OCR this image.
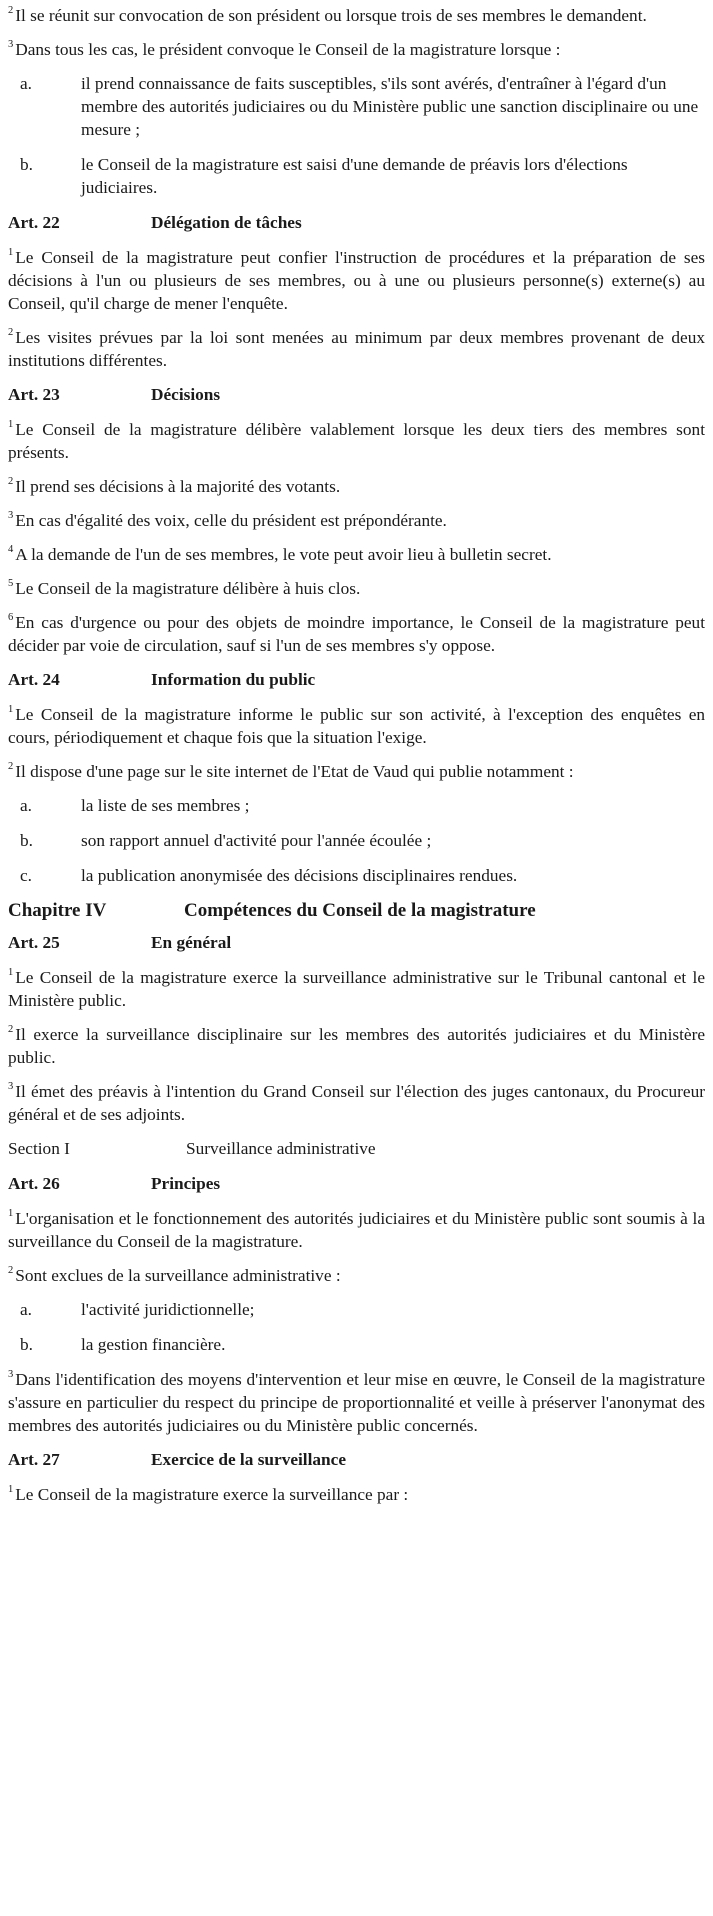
$^2$ Il se réunit sur convocation de son président ou lorsque trois de ses membres le demandent.

$^3$ Dans tous les cas, le président convoque le Conseil de la magistrature lorsque :

a.	il prend connaissance de faits susceptibles, s'ils sont avérés, d'entraîner à l'égard d'un membre des autorités judiciaires ou du Ministère public une sanction disciplinaire ou une mesure ;
b.	le Conseil de la magistrature est saisi d'une demande de préavis lors d'élections judiciaires.
Art. 22	Délégation de tâches

$^1$ Le Conseil de la magistrature peut confier l'instruction de procédures et la préparation de ses décisions à l'un ou plusieurs de ses membres, ou à une ou plusieurs personne(s) externe(s) au Conseil, qu'il charge de mener l'enquête.

$^2$ Les visites prévues par la loi sont menées au minimum par deux membres provenant de deux institutions différentes.

Art. 23	Décisions

$^1$ Le Conseil de la magistrature délibère valablement lorsque les deux tiers des membres sont présents.

$^2$ Il prend ses décisions à la majorité des votants.

$^3$ En cas d'égalité des voix, celle du président est prépondérante.

$^4$ A la demande de l'un de ses membres, le vote peut avoir lieu à bulletin secret.

$^5$ Le Conseil de la magistrature délibère à huis clos.

$^6$ En cas d'urgence ou pour des objets de moindre importance, le Conseil de la magistrature peut décider par voie de circulation, sauf si l'un de ses membres s'y oppose.

Art. 24	Information du public

$^1$ Le Conseil de la magistrature informe le public sur son activité, à l'exception des enquêtes en cours, périodiquement et chaque fois que la situation l'exige.

$^2$ Il dispose d'une page sur le site internet de l'Etat de Vaud qui publie notamment :

a.	la liste de ses membres ;
b.	son rapport annuel d'activité pour l'année écoulée ;
c.	la publication anonymisée des décisions disciplinaires rendues.
Chapitre IV	Compétences du Conseil de la magistrature
Art. 25	En général

$^1$ Le Conseil de la magistrature exerce la surveillance administrative sur le Tribunal cantonal et le Ministère public.

$^2$ Il exerce la surveillance disciplinaire sur les membres des autorités judiciaires et du Ministère public.

$^3$ Il émet des préavis à l'intention du Grand Conseil sur l'élection des juges cantonaux, du Procureur général et de ses adjoints.

Section I	Surveillance administrative
Art. 26	Principes

$^1$ L'organisation et le fonctionnement des autorités judiciaires et du Ministère public sont soumis à la surveillance du Conseil de la magistrature.

$^2$ Sont exclues de la surveillance administrative :

a.	l'activité juridictionnelle;
b.	la gestion financière.

$^3$ Dans l'identification des moyens d'intervention et leur mise en œuvre, le Conseil de la magistrature s'assure en particulier du respect du principe de proportionnalité et veille à préserver l'anonymat des membres des autorités judiciaires ou du Ministère public concernés.

Art. 27	Exercice de la surveillance

$^1$ Le Conseil de la magistrature exerce la surveillance par :
